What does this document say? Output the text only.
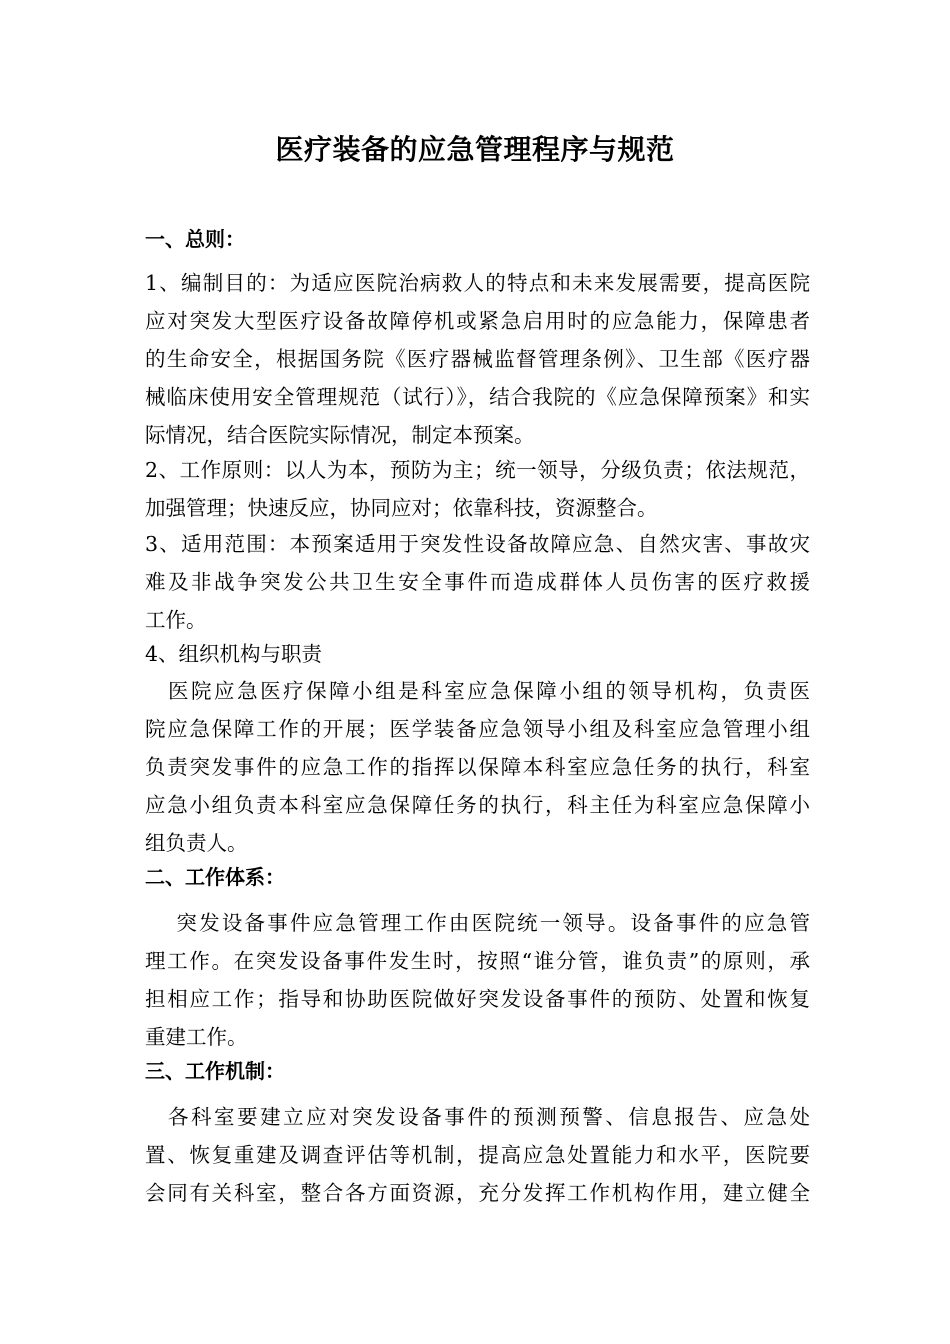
医疗装备的应急管理程序与规范
一、总则：
1、编制目的：为适应医院治病救人的特点和未来发展需要，提高医院
应对突发大型医疗设备故障停机或紧急启用时的应急能力，保障患者
的生命安全，根据国务院《医疗器械监督管理条例》、卫生部《医疗器
械临床使用安全管理规范（试行）》，结合我院的《应急保障预案》和实
际情况，结合医院实际情况，制定本预案。
2、工作原则：以人为本，预防为主；统一领导，分级负责；依法规范，
加强管理；快速反应，协同应对；依靠科技，资源整合。
3、适用范围：本预案适用于突发性设备故障应急、自然灾害、事故灾
难及非战争突发公共卫生安全事件而造成群体人员伤害的医疗救援
工作。
4、组织机构与职责
　医院应急医疗保障小组是科室应急保障小组的领导机构，负责医
院应急保障工作的开展；医学装备应急领导小组及科室应急管理小组
负责突发事件的应急工作的指挥以保障本科室应急任务的执行，科室
应急小组负责本科室应急保障任务的执行，科主任为科室应急保障小
组负责人。
二、工作体系：
　 突发设备事件应急管理工作由医院统一领导。设备事件的应急管
理工作。在突发设备事件发生时，按照“谁分管，谁负责”的原则，承
担相应工作；指导和协助医院做好突发设备事件的预防、处置和恢复
重建工作。
三、工作机制：
　各科室要建立应对突发设备事件的预测预警、信息报告、应急处
置、恢复重建及调查评估等机制，提高应急处置能力和水平，医院要
会同有关科室，整合各方面资源，充分发挥工作机构作用，建立健全
